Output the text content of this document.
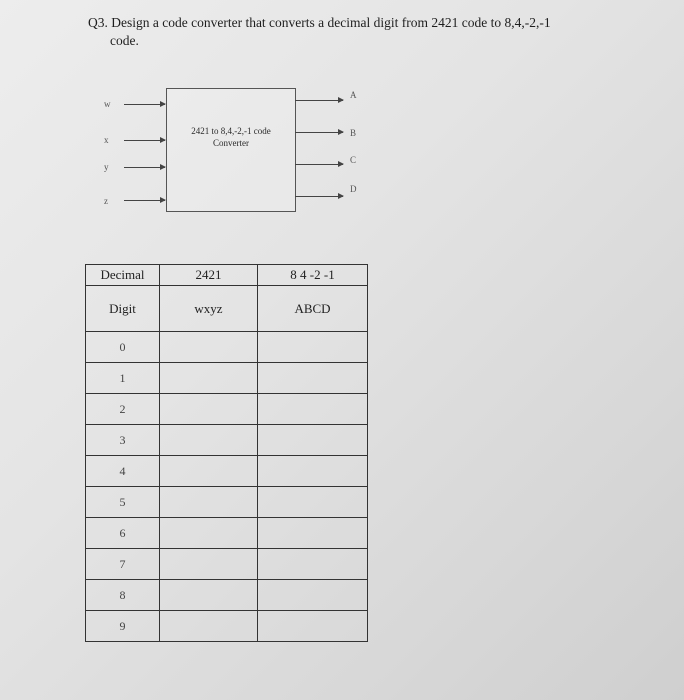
Q3. Design a code converter that converts a decimal digit from 2421 code to 8,4,-2,-1
code.
w
x
y
z
2421 to 8,4,-2,-1 code
Converter
A
B
C
D
Decimal	2421	8 4 -2 -1
Digit	wxyz	ABCD
0		
1		
2		
3		
4		
5		
6		
7		
8		
9		
